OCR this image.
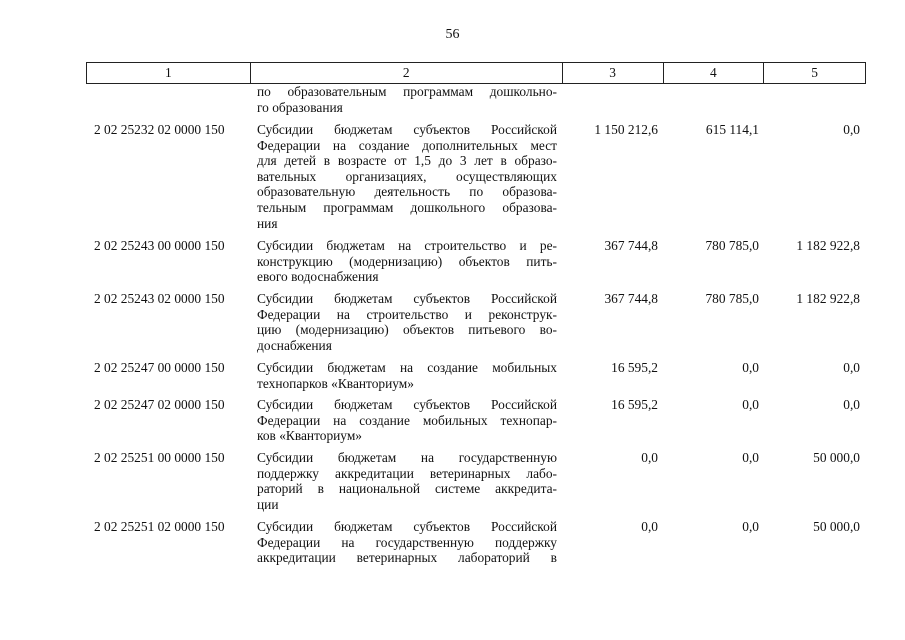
56
1	2	3	4	5
по образовательным программам дошкольно-
го образования
2 02 25232 02 0000 150	Субсидии бюджетам субъектов Российской
Федерации на создание дополнительных мест
для детей в возрасте от 1,5 до 3 лет в образо-
вательных организациях, осуществляющих
образовательную деятельность по образова-
тельным программам дошкольного образова-
ния
1 150 212,6	615 114,1	0,0
2 02 25243 00 0000 150	Субсидии бюджетам на строительство и ре-
конструкцию (модернизацию) объектов пить-
евого водоснабжения
367 744,8	780 785,0	1 182 922,8
2 02 25243 02 0000 150	Субсидии бюджетам субъектов Российской
Федерации на строительство и реконструк-
цию (модернизацию) объектов питьевого во-
доснабжения
367 744,8	780 785,0	1 182 922,8
2 02 25247 00 0000 150	Субсидии бюджетам на создание мобильных
технопарков «Кванториум»
16 595,2	0,0	0,0
2 02 25247 02 0000 150	Субсидии бюджетам субъектов Российской
Федерации на создание мобильных технопар-
ков «Кванториум»
16 595,2	0,0	0,0
2 02 25251 00 0000 150	Субсидии бюджетам на государственную
поддержку аккредитации ветеринарных лабо-
раторий в национальной системе аккредита-
ции
0,0	0,0	50 000,0
2 02 25251 02 0000 150	Субсидии бюджетам субъектов Российской
Федерации на государственную поддержку
аккредитации ветеринарных лабораторий в
0,0	0,0	50 000,0
